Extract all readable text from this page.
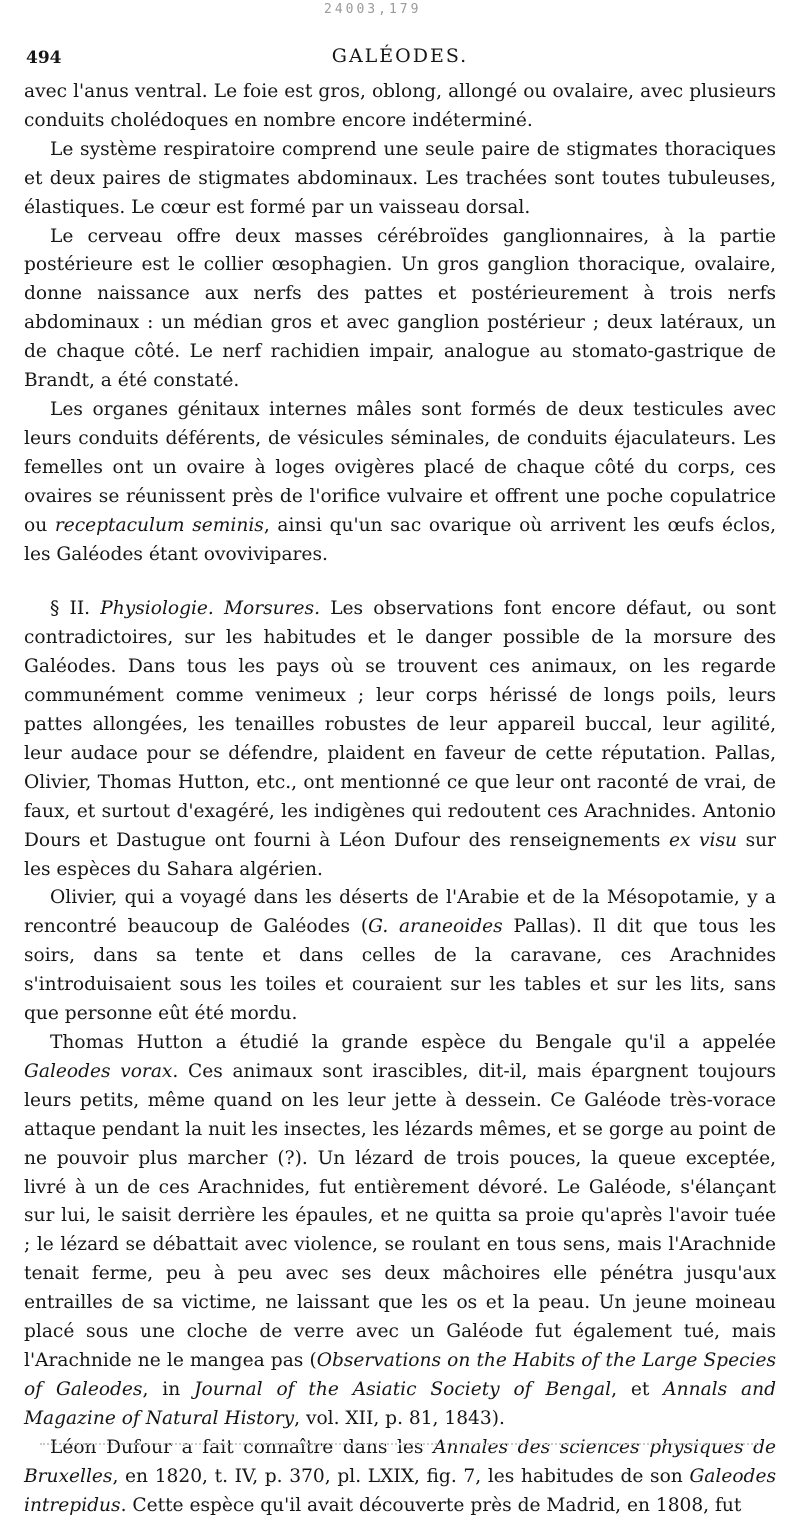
24003,179
494	GALÉODES.

avec l'anus ventral. Le foie est gros, oblong, allongé ou ovalaire, avec plusieurs conduits cholédoques en nombre encore indéterminé.

Le système respiratoire comprend une seule paire de stigmates thoraciques et deux paires de stigmates abdominaux. Les trachées sont toutes tubuleuses, élastiques. Le cœur est formé par un vaisseau dorsal.

Le cerveau offre deux masses cérébroïdes ganglionnaires, à la partie postérieure est le collier œsophagien. Un gros ganglion thoracique, ovalaire, donne naissance aux nerfs des pattes et postérieurement à trois nerfs abdominaux : un médian gros et avec ganglion postérieur ; deux latéraux, un de chaque côté. Le nerf rachidien impair, analogue au stomato-gastrique de Brandt, a été constaté.

Les organes génitaux internes mâles sont formés de deux testicules avec leurs conduits déférents, de vésicules séminales, de conduits éjaculateurs. Les femelles ont un ovaire à loges ovigères placé de chaque côté du corps, ces ovaires se réunissent près de l'orifice vulvaire et offrent une poche copulatrice ou receptaculum seminis, ainsi qu'un sac ovarique où arrivent les œufs éclos, les Galéodes étant ovovivipares.

§ II. Physiologie. Morsures. Les observations font encore défaut, ou sont contradictoires, sur les habitudes et le danger possible de la morsure des Galéodes. Dans tous les pays où se trouvent ces animaux, on les regarde communément comme venimeux ; leur corps hérissé de longs poils, leurs pattes allongées, les tenailles robustes de leur appareil buccal, leur agilité, leur audace pour se défendre, plaident en faveur de cette réputation. Pallas, Olivier, Thomas Hutton, etc., ont mentionné ce que leur ont raconté de vrai, de faux, et surtout d'exagéré, les indigènes qui redoutent ces Arachnides. Antonio Dours et Dastugue ont fourni à Léon Dufour des renseignements ex visu sur les espèces du Sahara algérien.

Olivier, qui a voyagé dans les déserts de l'Arabie et de la Mésopotamie, y a rencontré beaucoup de Galéodes (G. araneoides Pallas). Il dit que tous les soirs, dans sa tente et dans celles de la caravane, ces Arachnides s'introduisaient sous les toiles et couraient sur les tables et sur les lits, sans que personne eût été mordu.

Thomas Hutton a étudié la grande espèce du Bengale qu'il a appelée Galeodes vorax. Ces animaux sont irascibles, dit-il, mais épargnent toujours leurs petits, même quand on les leur jette à dessein. Ce Galéode très-vorace attaque pendant la nuit les insectes, les lézards mêmes, et se gorge au point de ne pouvoir plus marcher (?). Un lézard de trois pouces, la queue exceptée, livré à un de ces Arachnides, fut entièrement dévoré. Le Galéode, s'élançant sur lui, le saisit derrière les épaules, et ne quitta sa proie qu'après l'avoir tuée ; le lézard se débattait avec violence, se roulant en tous sens, mais l'Arachnide tenait ferme, peu à peu avec ses deux mâchoires elle pénétra jusqu'aux entrailles de sa victime, ne laissant que les os et la peau. Un jeune moineau placé sous une cloche de verre avec un Galéode fut également tué, mais l'Arachnide ne le mangea pas (Observations on the Habits of the Large Species of Galeodes, in Journal of the Asiatic Society of Bengal, et Annals and Magazine of Natural History, vol. XII, p. 81, 1843).

Léon Dufour a fait connaître dans les Annales des sciences physiques de Bruxelles, en 1820, t. IV, p. 370, pl. LXIX, fig. 7, les habitudes de son Galeodes intrepidus. Cette espèce qu'il avait découverte près de Madrid, en 1808, fut
